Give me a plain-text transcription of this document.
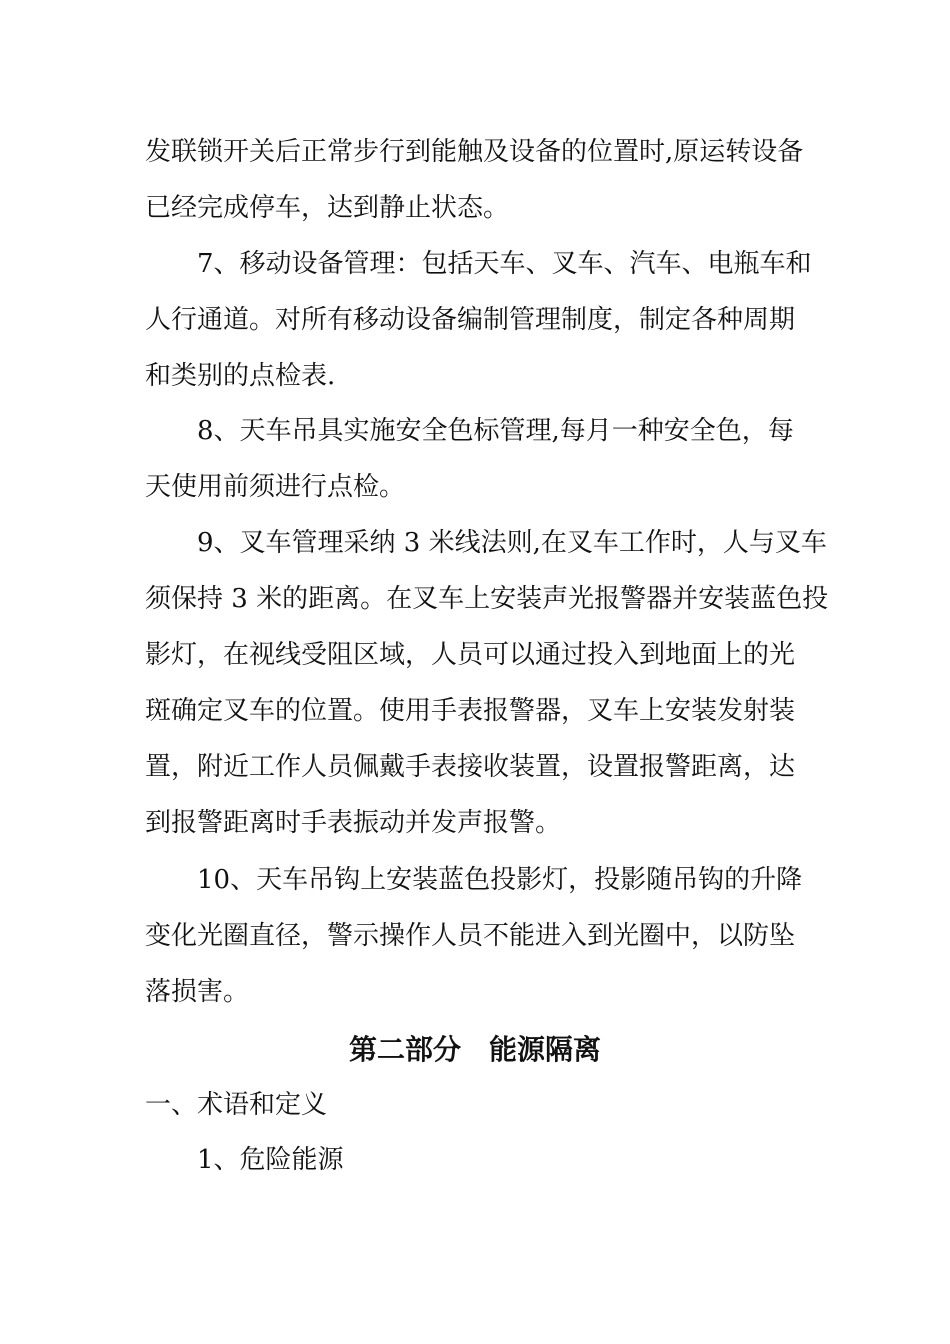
发联锁开关后正常步行到能触及设备的位置时,原运转设备
已经完成停车，达到静止状态。
7、移动设备管理：包括天车、叉车、汽车、电瓶车和
人行通道。对所有移动设备编制管理制度，制定各种周期
和类别的点检表.
8、天车吊具实施安全色标管理,每月一种安全色，每
天使用前须进行点检。
9、叉车管理采纳 3 米线法则,在叉车工作时，人与叉车
须保持 3 米的距离。在叉车上安装声光报警器并安装蓝色投
影灯，在视线受阻区域，人员可以通过投入到地面上的光
斑确定叉车的位置。使用手表报警器，叉车上安装发射装
置，附近工作人员佩戴手表接收装置，设置报警距离，达
到报警距离时手表振动并发声报警。
10、天车吊钩上安装蓝色投影灯，投影随吊钩的升降
变化光圈直径，警示操作人员不能进入到光圈中，以防坠
落损害。
第二部分　能源隔离
一、术语和定义
1、危险能源
